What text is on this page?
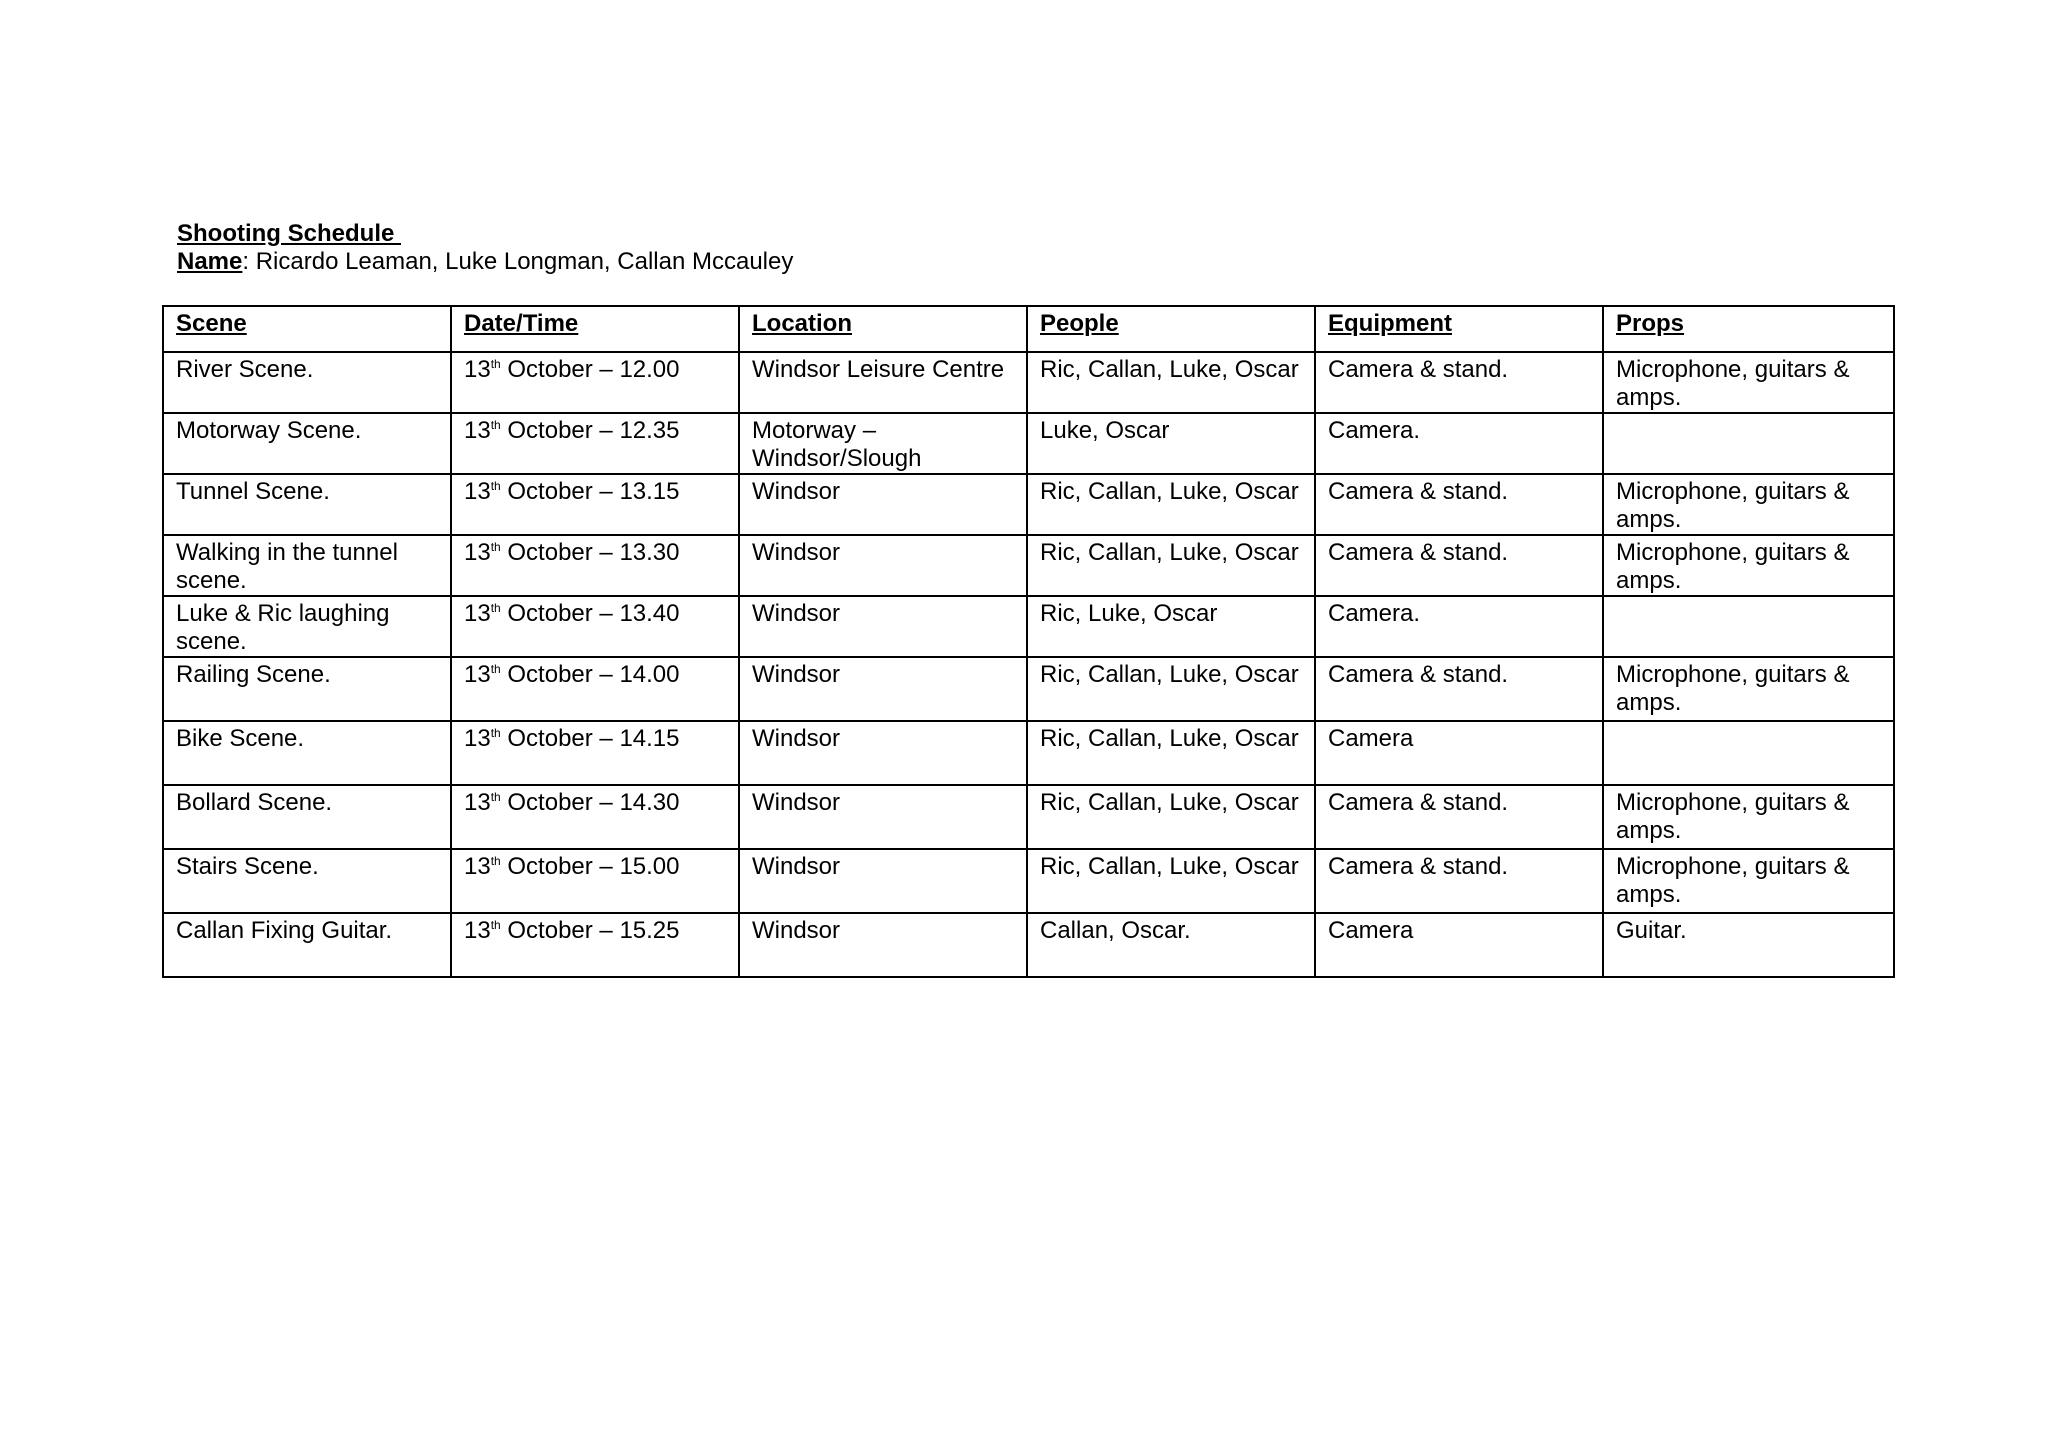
Shooting Schedule
Name: Ricardo Leaman, Luke Longman, Callan Mccauley
Scene	Date/Time	Location	People	Equipment	Props
River Scene.	13th October – 12.00	Windsor Leisure Centre	Ric, Callan, Luke, Oscar	Camera & stand.	Microphone, guitars & amps.
Motorway Scene.	13th October – 12.35	Motorway – Windsor/Slough	Luke, Oscar	Camera.	
Tunnel Scene.	13th October – 13.15	Windsor	Ric, Callan, Luke, Oscar	Camera & stand.	Microphone, guitars & amps.
Walking in the tunnel scene.	13th October – 13.30	Windsor	Ric, Callan, Luke, Oscar	Camera & stand.	Microphone, guitars & amps.
Luke & Ric laughing scene.	13th October – 13.40	Windsor	Ric, Luke, Oscar	Camera.	
Railing Scene.	13th October – 14.00	Windsor	Ric, Callan, Luke, Oscar	Camera & stand.	Microphone, guitars & amps.
Bike Scene.	13th October – 14.15	Windsor	Ric, Callan, Luke, Oscar	Camera	
Bollard Scene.	13th October – 14.30	Windsor	Ric, Callan, Luke, Oscar	Camera & stand.	Microphone, guitars & amps.
Stairs Scene.	13th October – 15.00	Windsor	Ric, Callan, Luke, Oscar	Camera & stand.	Microphone, guitars & amps.
Callan Fixing Guitar.	13th October – 15.25	Windsor	Callan, Oscar.	Camera	Guitar.
